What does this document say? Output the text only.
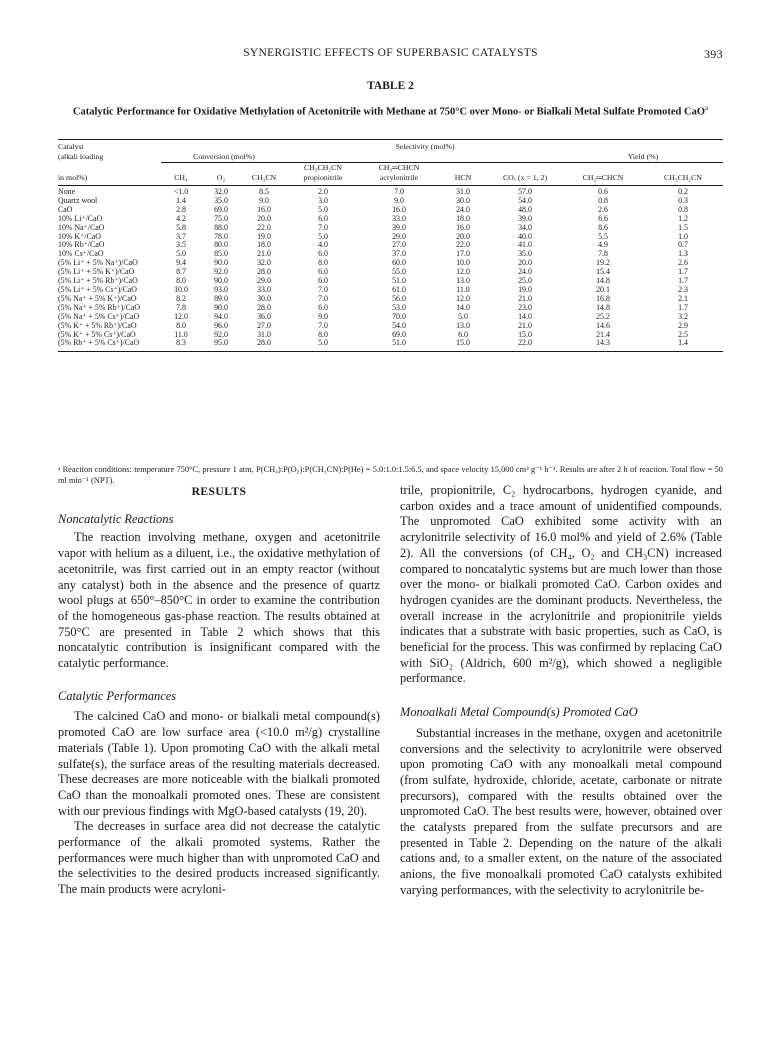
SYNERGISTIC EFFECTS OF SUPERBASIC CATALYSTS	393
TABLE 2
Catalytic Performance for Oxidative Methylation of Acetonitrile with Methane at 750°C over Mono- or Bialkali Metal Sulfate Promoted CaO$^a$
Catalyst				Selectivity (mol%)					
(alkali loading	Conversion (mol%)							Yield (%)	
				CH₃CH₂CN	CH₂═CHCN				
in mol%)	CH₄	O₂	CH₃CN	propionitrile	acrylonitrile	HCN	COₓ (x = 1, 2)	CH₂═CHCN	CH₃CH₂CN
None	<1.0	32.0	8.5	2.0	7.0	31.0	57.0	0.6	0.2
Quartz wool	1.4	35.0	9.0	3.0	9.0	30.0	54.0	0.8	0.3
CaO	2.8	69.0	16.0	5.0	16.0	24.0	48.0	2.6	0.8
10% Li⁺/CaO	4.2	75.0	20.0	6.0	33.0	18.0	39.0	6.6	1.2
10% Na⁺/CaO	5.8	88.0	22.0	7.0	39.0	16.0	34.0	8.6	1.5
10% K⁺/CaO	3.7	78.0	19.0	5.0	29.0	20.0	40.0	5.5	1.0
10% Rb⁺/CaO	3.5	80.0	18.0	4.0	27.0	22.0	41.0	4.9	0.7
10% Cs⁺/CaO	5.0	85.0	21.0	6.0	37.0	17.0	35.0	7.8	1.3
(5% Li⁺ + 5% Na⁺)/CaO	9.4	90.0	32.0	8.0	60.0	10.0	20.0	19.2	2.6
(5% Li⁺ + 5% K⁺)/CaO	8.7	92.0	28.0	6.0	55.0	12.0	24.0	15.4	1.7
(5% Li⁺ + 5% Rb⁺)/CaO	8.0	90.0	29.0	6.0	51.0	13.0	25.0	14.8	1.7
(5% Li⁺ + 5% Cs⁺)/CaO	10.0	93.0	33.0	7.0	61.0	11.0	19.0	20.1	2.3
(5% Na⁺ + 5% K⁺)/CaO	8.2	89.0	30.0	7.0	56.0	12.0	21.0	16.8	2.1
(5% Na⁺ + 5% Rb⁺)/CaO	7.8	90.0	28.0	6.0	53.0	14.0	23.0	14.8	1.7
(5% Na⁺ + 5% Cs⁺)/CaO	12.0	94.0	36.0	9.0	70.0	5.0	14.0	25.2	3.2
(5% K⁺ + 5% Rb⁺)/CaO	8.0	96.0	27.0	7.0	54.0	13.0	21.0	14.6	2.9
(5% K⁺ + 5% Cs⁺)/CaO	11.0	92.0	31.0	8.0	69.0	6.0	15.0	21.4	2.5
(5% Rb⁺ + 5% Cs⁺)/CaO	8.3	95.0	28.0	5.0	51.0	15.0	22.0	14.3	1.4
ᵃ Reaction conditions: temperature 750°C, pressure 1 atm, P(CH₄):P(O₂):P(CH₃CN):P(He) = 5.0:1.0:1.5:6.5, and space velocity 15,000 cm³ g⁻¹ h⁻¹. Results are after 2 h of reaction. Total flow = 50 ml min⁻¹ (NPT).
RESULTS

Noncatalytic Reactions

The reaction involving methane, oxygen and acetonitrile vapor with helium as a diluent, i.e., the oxidative methylation of acetonitrile, was first carried out in an empty reactor (without any catalyst) both in the absence and the presence of quartz wool plugs at 650°–850°C in order to examine the contribution of the homogeneous gas-phase reaction. The results obtained at 750°C are presented in Table 2 which shows that this noncatalytic contribution is insignificant compared with the catalytic performance.

Catalytic Performances

The calcined CaO and mono- or bialkali metal compound(s) promoted CaO are low surface area (<10.0 m²/g) crystalline materials (Table 1). Upon promoting CaO with the alkali metal sulfate(s), the surface areas of the resulting materials decreased. These decreases are more noticeable with the bialkali promoted CaO than the monoalkali promoted ones. These are consistent with our previous findings with MgO-based catalysts (19, 20).

The decreases in surface area did not decrease the catalytic performance of the alkali promoted systems. Rather the performances were much higher than with unpromoted CaO and the selectivities to the desired products increased significantly. The main products were acryloni-

trile, propionitrile, C₂ hydrocarbons, hydrogen cyanide, and carbon oxides and a trace amount of unidentified compounds. The unpromoted CaO exhibited some activity with an acrylonitrile selectivity of 16.0 mol% and yield of 2.6% (Table 2). All the conversions (of CH₄, O₂ and CH₃CN) increased compared to noncatalytic systems but are much lower than those over the mono- or bialkali promoted CaO. Carbon oxides and hydrogen cyanides are the dominant products. Nevertheless, the overall increase in the acrylonitrile and propionitrile yields indicates that a substrate with basic properties, such as CaO, is beneficial for the process. This was confirmed by replacing CaO with SiO₂ (Aldrich, 600 m²/g), which showed a negligible performance.

Monoalkali Metal Compound(s) Promoted CaO

Substantial increases in the methane, oxygen and acetonitrile conversions and the selectivity to acrylonitrile were observed upon promoting CaO with any monoalkali metal compound (from sulfate, hydroxide, chloride, acetate, carbonate or nitrate precursors), compared with the results obtained over the unpromoted CaO. The best results were, however, obtained over the catalysts prepared from the sulfate precursors and are presented in Table 2. Depending on the nature of the alkali cations and, to a smaller extent, on the nature of the associated anions, the five monoalkali promoted CaO catalysts exhibited varying performances, with the selectivity to acrylonitrile be-
